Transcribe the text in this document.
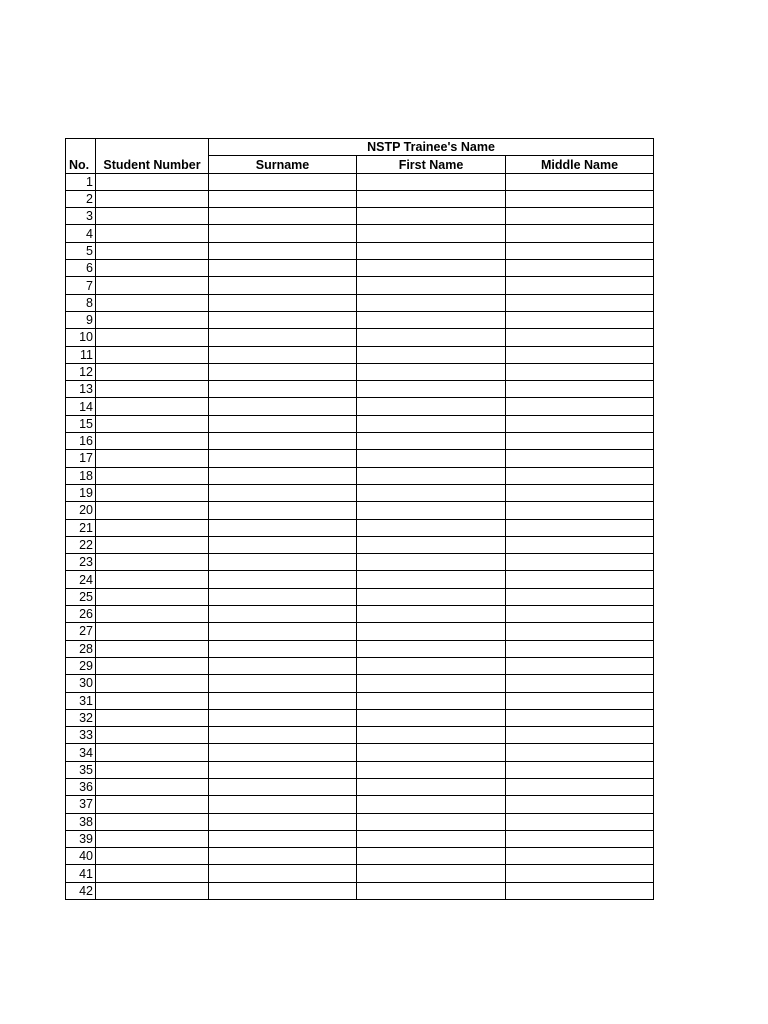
		NSTP Trainee's Name		
No.	Student Number	Surname	First Name	Middle Name
1				
2				
3				
4				
5				
6				
7				
8				
9				
10				
11				
12				
13				
14				
15				
16				
17				
18				
19				
20				
21				
22				
23				
24				
25				
26				
27				
28				
29				
30				
31				
32				
33				
34				
35				
36				
37				
38				
39				
40				
41				
42				
